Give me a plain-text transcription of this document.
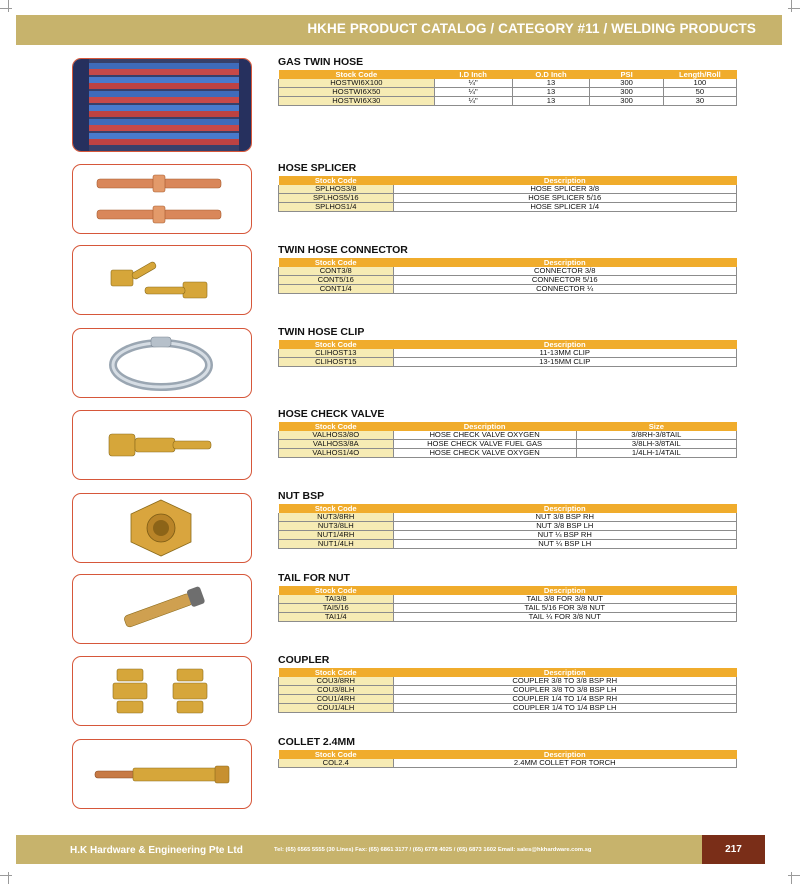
HKHE PRODUCT CATALOG / CATEGORY #11 / WELDING PRODUCTS
GAS TWIN HOSE
Stock Code	I.D Inch	O.D Inch	PSI	Length/Roll
HOSTWI6X100	¼"	13	300	100
HOSTWI6X50	¼"	13	300	50
HOSTWI6X30	¼"	13	300	30
HOSE SPLICER
Stock Code	Description
SPLHOS3/8	HOSE SPLICER 3/8
SPLHOS5/16	HOSE SPLICER 5/16
SPLHOS1/4	HOSE SPLICER 1/4
TWIN HOSE CONNECTOR
Stock Code	Description
CONT3/8	CONNECTOR 3/8
CONT5/16	CONNECTOR 5/16
CONT1/4	CONNECTOR ¼
TWIN HOSE CLIP
Stock Code	Description
CLIHOST13	11-13MM CLIP
CLIHOST15	13-15MM CLIP
HOSE CHECK VALVE
Stock Code	Description	Size
VALHOS3/8O	HOSE CHECK VALVE OXYGEN	3/8RH-3/8TAIL
VALHOS3/8A	HOSE CHECK VALVE FUEL GAS	3/8LH-3/8TAIL
VALHOS1/4O	HOSE CHECK VALVE OXYGEN	1/4LH-1/4TAIL
NUT BSP
Stock Code	Description
NUT3/8RH	NUT 3/8 BSP RH
NUT3/8LH	NUT 3/8 BSP LH
NUT1/4RH	NUT ¼ BSP RH
NUT1/4LH	NUT ¼ BSP LH
TAIL FOR NUT
Stock Code	Description
TAI3/8	TAIL 3/8 FOR 3/8 NUT
TAI5/16	TAIL 5/16 FOR 3/8 NUT
TAI1/4	TAIL ¼ FOR 3/8 NUT
COUPLER
Stock Code	Description
COU3/8RH	COUPLER 3/8 TO 3/8 BSP RH
COU3/8LH	COUPLER 3/8 TO 3/8 BSP LH
COU1/4RH	COUPLER 1/4 TO 1/4 BSP RH
COU1/4LH	COUPLER 1/4 TO 1/4 BSP LH
COLLET 2.4MM
Stock Code	Description
COL2.4	2.4MM COLLET FOR TORCH
H.K Hardware & Engineering Pte Ltd	Tel: (65) 6565 5555 (30 Lines) Fax: (65) 6861 3177 / (65) 6778 4025 / (65) 6873 1602 Email: sales@hkhardware.com.sg	217
